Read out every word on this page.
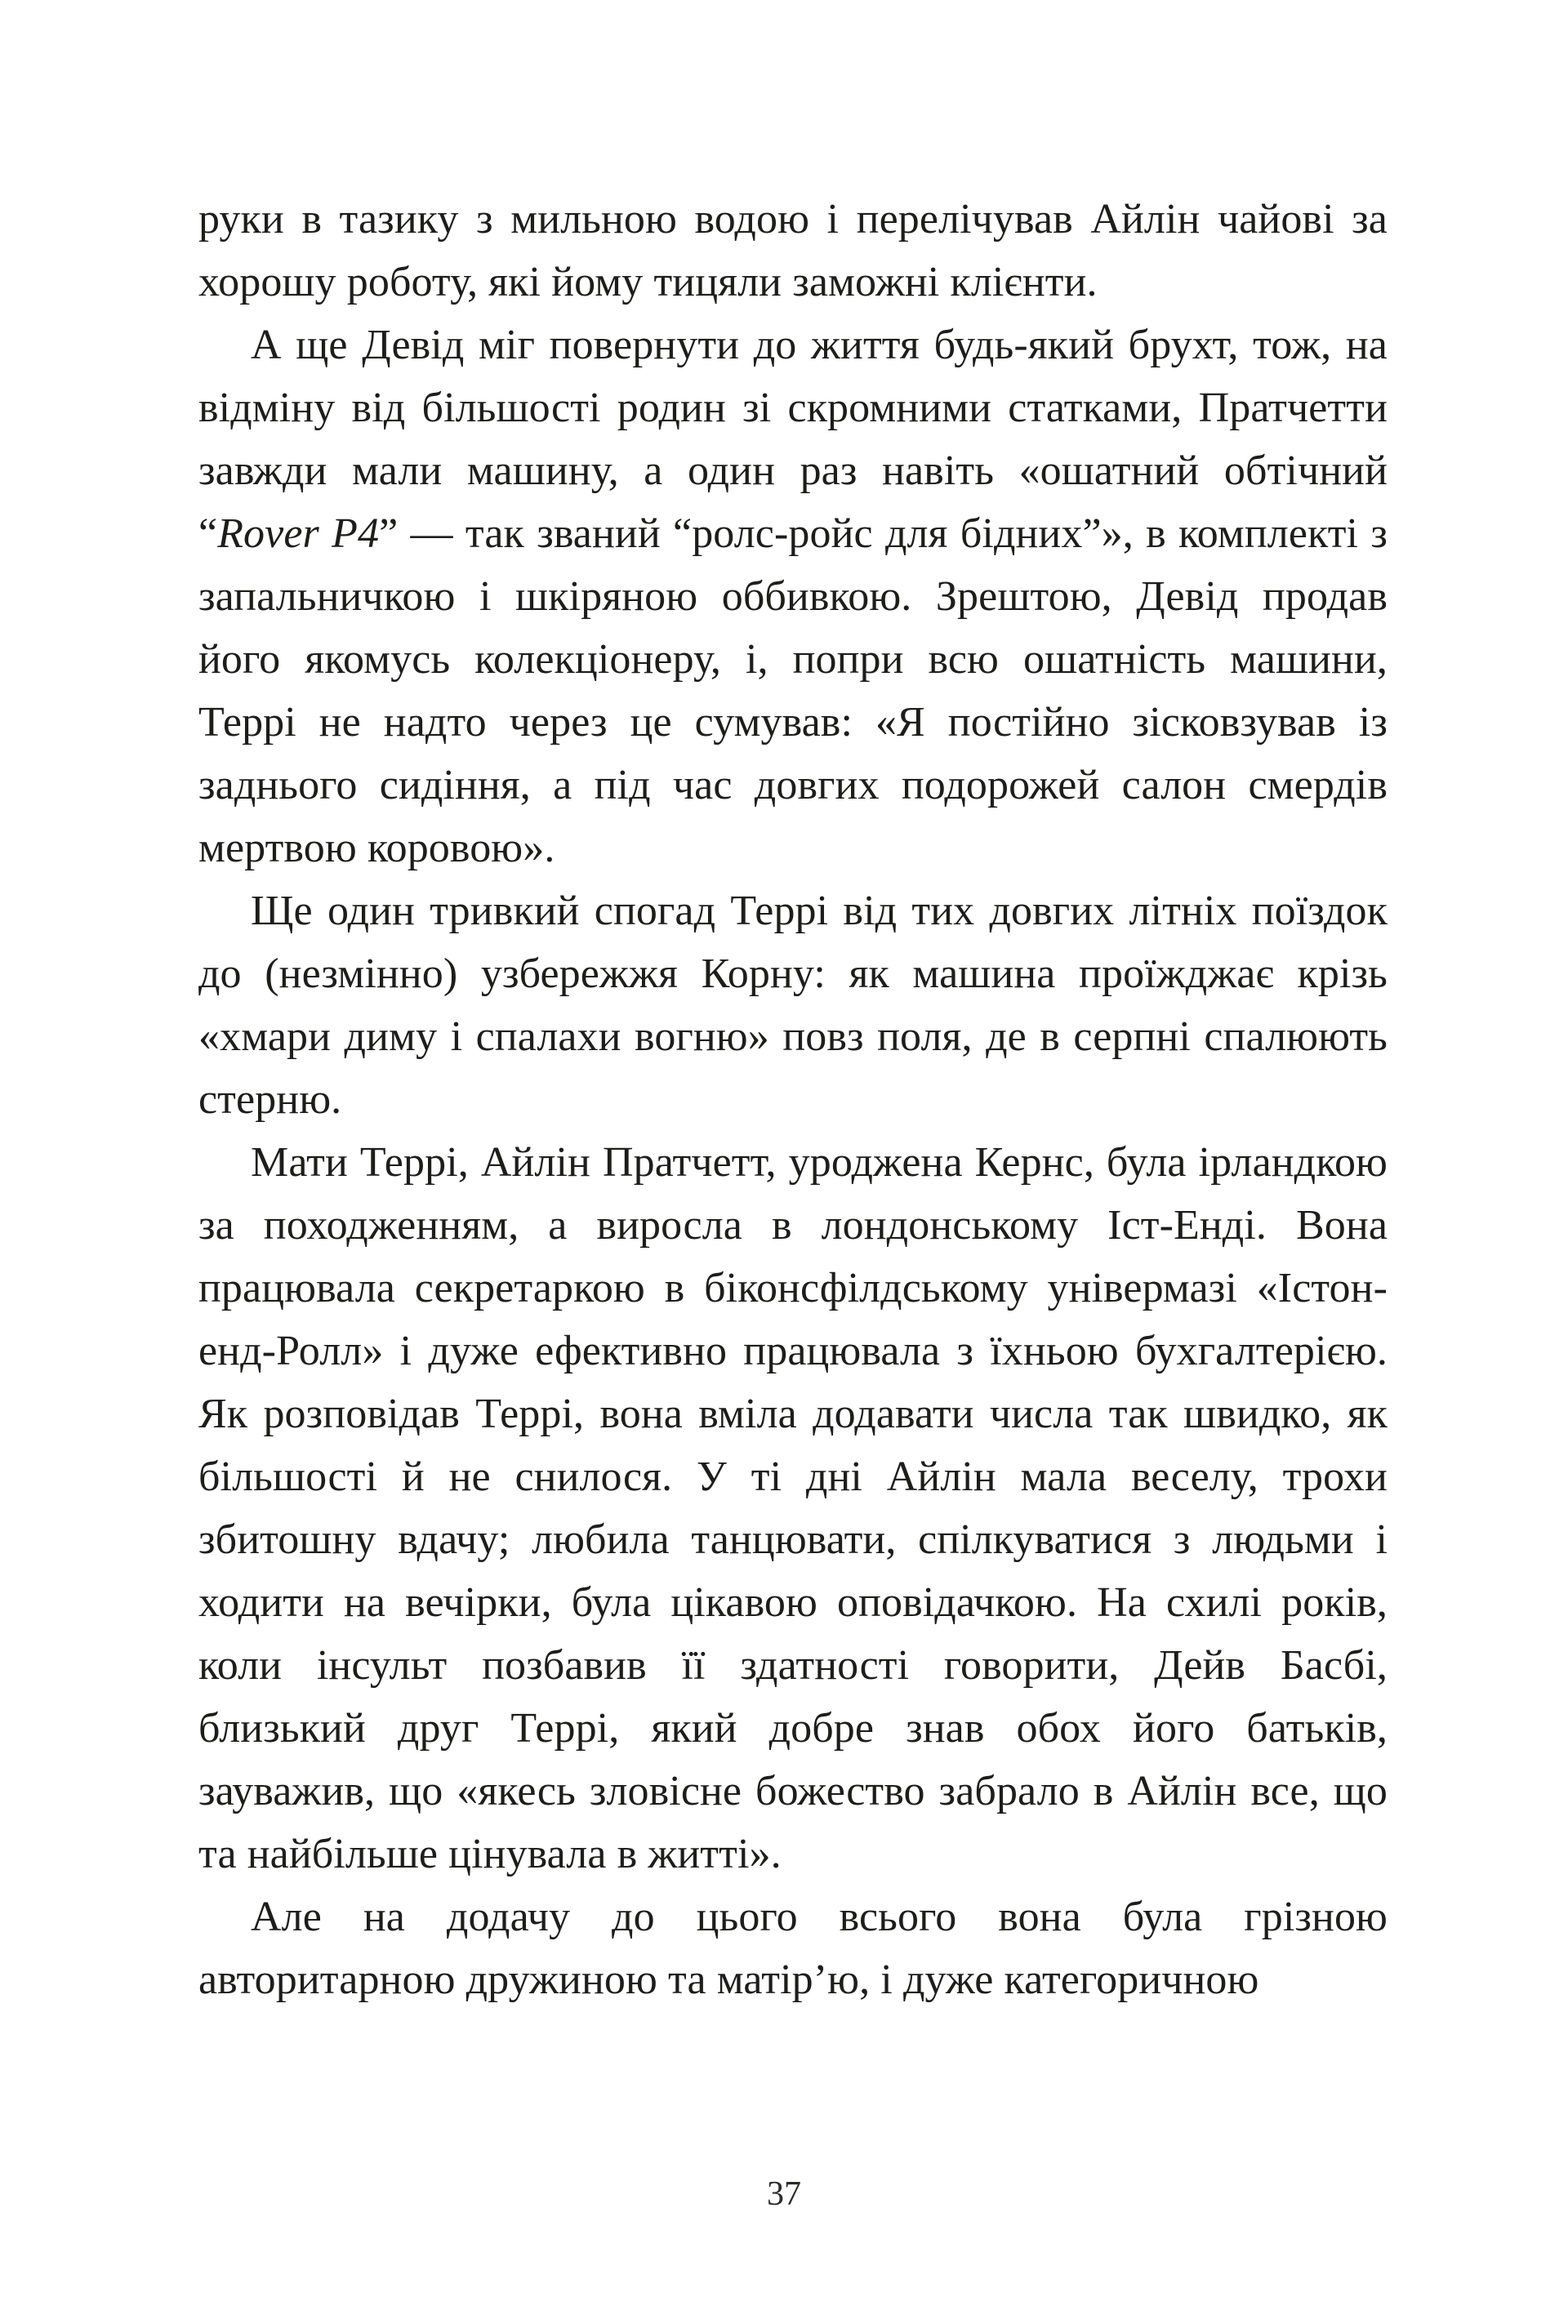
руки в тазику з мильною водою і перелічував Айлін чайові за хорошу роботу, які йому тицяли заможні клієнти.

А ще Девід міг повернути до життя будь-який брухт, тож, на відміну від більшості родин зі скромними статками, Пратчетти завжди мали машину, а один раз навіть «ошатний обтічний “Rover P4” — так званий “ролс-ройс для бідних”», в комплекті з запальничкою і шкіряною оббивкою. Зрештою, Девід продав його якомусь колекціонеру, і, попри всю ошатність машини, Террі не надто через це сумував: «Я постійно зісковзував із заднього сидіння, а під час довгих подорожей салон смердів мертвою коровою».

Ще один тривкий спогад Террі від тих довгих літніх поїздок до (незмінно) узбережжя Корну: як машина проїжджає крізь «хмари диму і спалахи вогню» повз поля, де в серпні спалюють стерню.

Мати Террі, Айлін Пратчетт, уроджена Кернс, була ірландкою за походженням, а виросла в лондонському Іст-Енді. Вона працювала секретаркою в біконсфілдському універмазі «Істон-енд-Ролл» і дуже ефективно працювала з їхньою бухгалтерією. Як розповідав Террі, вона вміла додавати числа так швидко, як більшості й не снилося. У ті дні Айлін мала веселу, трохи збитошну вдачу; любила танцювати, спілкуватися з людьми і ходити на вечірки, була цікавою оповідачкою. На схилі років, коли інсульт позбавив її здатності говорити, Дейв Басбі, близький друг Террі, який добре знав обох його батьків, зауважив, що «якесь зловісне божество забрало в Айлін все, що та найбільше цінувала в житті».

Але на додачу до цього всього вона була грізною авторитарною дружиною та матір’ю, і дуже категоричною

37
